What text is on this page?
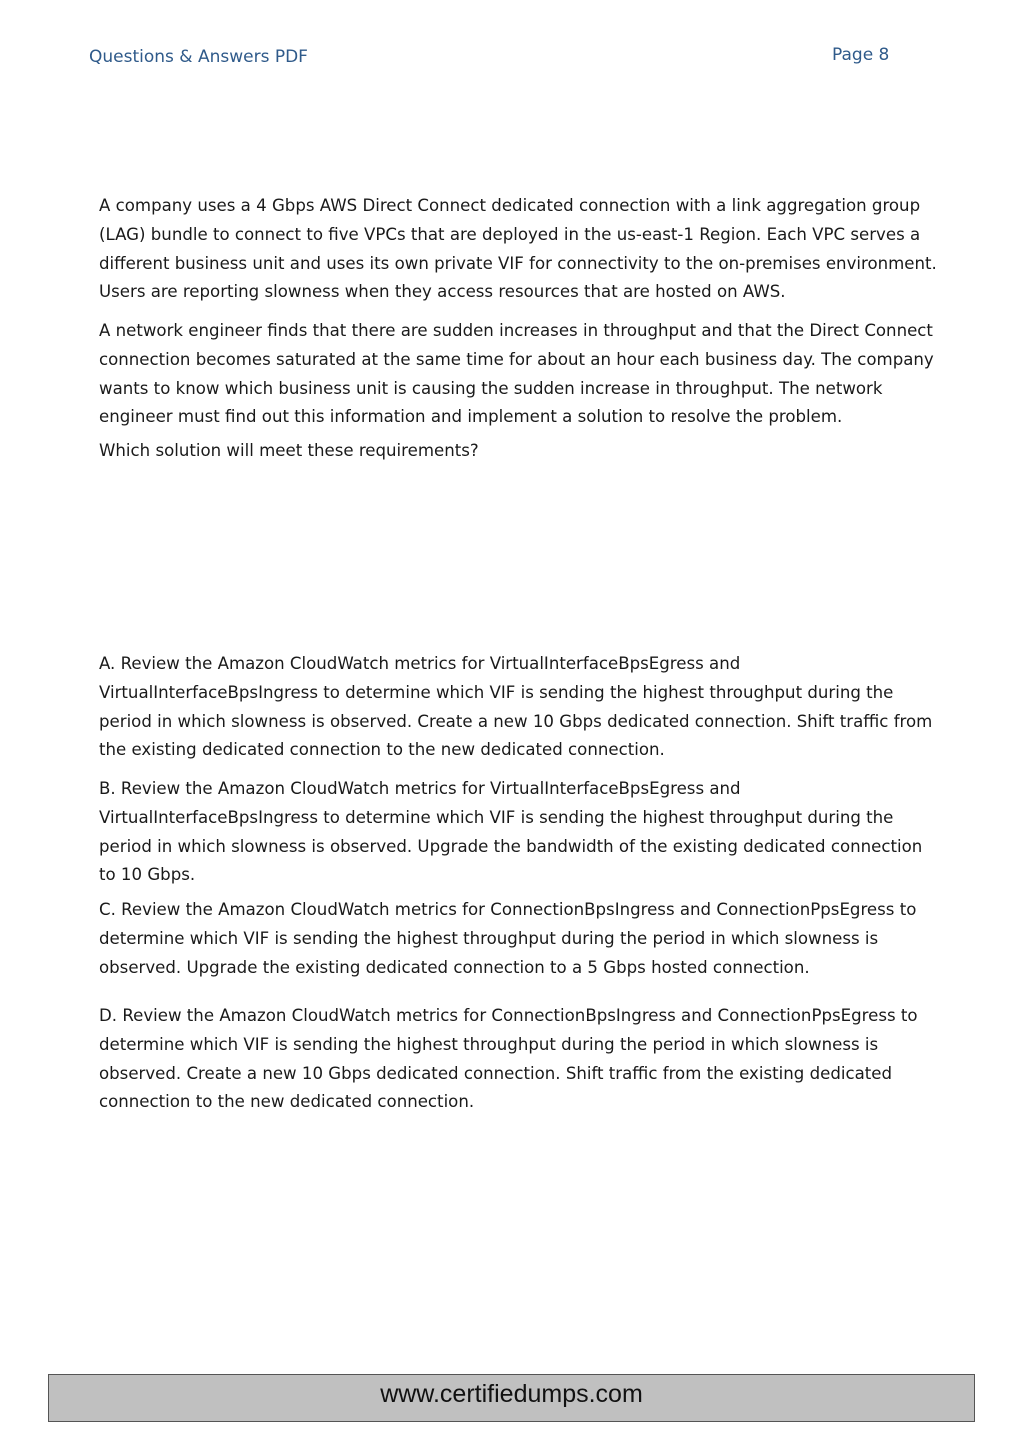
Questions & Answers PDF	Page 8

A company uses a 4 Gbps AWS Direct Connect dedicated connection with a link aggregation group
(LAG) bundle to connect to five VPCs that are deployed in the us-east-1 Region. Each VPC serves a
different business unit and uses its own private VIF for connectivity to the on-premises environment.
Users are reporting slowness when they access resources that are hosted on AWS.

A network engineer finds that there are sudden increases in throughput and that the Direct Connect
connection becomes saturated at the same time for about an hour each business day. The company
wants to know which business unit is causing the sudden increase in throughput. The network
engineer must find out this information and implement a solution to resolve the problem.

Which solution will meet these requirements?

A. Review the Amazon CloudWatch metrics for VirtualInterfaceBpsEgress and
VirtualInterfaceBpsIngress to determine which VIF is sending the highest throughput during the
period in which slowness is observed. Create a new 10 Gbps dedicated connection. Shift traffic from
the existing dedicated connection to the new dedicated connection.

B. Review the Amazon CloudWatch metrics for VirtualInterfaceBpsEgress and
VirtualInterfaceBpsIngress to determine which VIF is sending the highest throughput during the
period in which slowness is observed. Upgrade the bandwidth of the existing dedicated connection
to 10 Gbps.

C. Review the Amazon CloudWatch metrics for ConnectionBpsIngress and ConnectionPpsEgress to
determine which VIF is sending the highest throughput during the period in which slowness is
observed. Upgrade the existing dedicated connection to a 5 Gbps hosted connection.

D. Review the Amazon CloudWatch metrics for ConnectionBpsIngress and ConnectionPpsEgress to
determine which VIF is sending the highest throughput during the period in which slowness is
observed. Create a new 10 Gbps dedicated connection. Shift traffic from the existing dedicated
connection to the new dedicated connection.

www.certifiedumps.com
